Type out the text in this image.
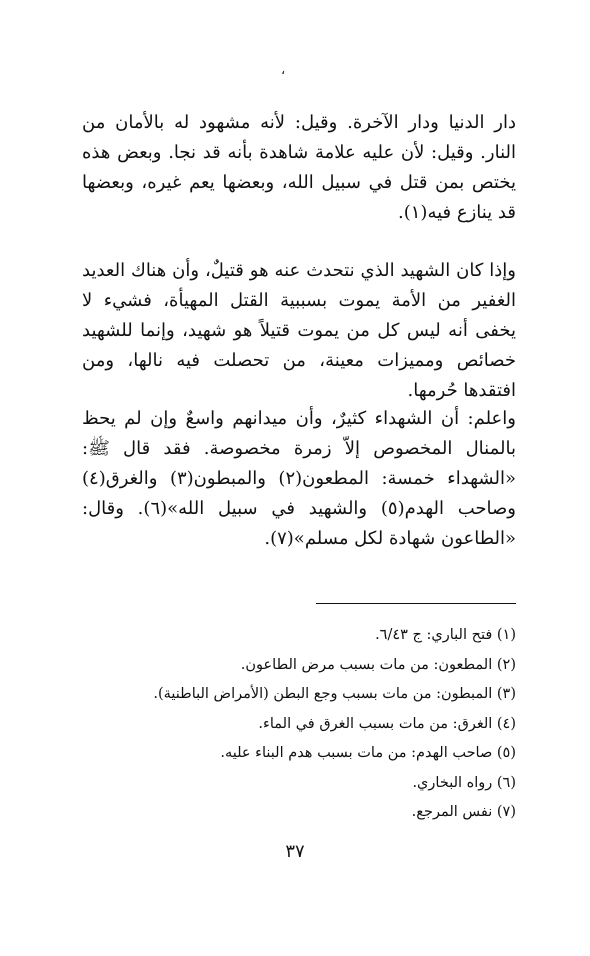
،

دار الدنيا ودار الآخرة. وقيل: لأنه مشهود له بالأمان من النار. وقيل: لأن عليه علامة شاهدة بأنه قد نجا. وبعض هذه يختص بمن قتل في سبيل الله، وبعضها يعم غيره، وبعضها قد ينازع فيه(١).

وإذا كان الشهيد الذي نتحدث عنه هو قتيلٌ، وأن هناك العديد الغفير من الأمة يموت بسببية القتل المهيأة، فشيء لا يخفى أنه ليس كل من يموت قتيلاً هو شهيد، وإنما للشهيد خصائص ومميزات معينة، من تحصلت فيه نالها، ومن افتقدها حُرمها.

واعلم: أن الشهداء كثيرٌ، وأن ميدانهم واسعٌ وإن لم يحظ بالمنال المخصوص إلاّ زمرة مخصوصة. فقد قال ﷺ: «الشهداء خمسة: المطعون(٢) والمبطون(٣) والغرق(٤) وصاحب الهدم(٥) والشهيد في سبيل الله»(٦). وقال: «الطاعون شهادة لكل مسلم»(٧).

(١) فتح الباري: ج ٦/٤٣.
(٢) المطعون: من مات بسبب مرض الطاعون.
(٣) المبطون: من مات بسبب وجع البطن (الأمراض الباطنية).
(٤) الغرق: من مات بسبب الغرق في الماء.
(٥) صاحب الهدم: من مات بسبب هدم البناء عليه.
(٦) رواه البخاري.
(٧) نفس المرجع.
٣٧
